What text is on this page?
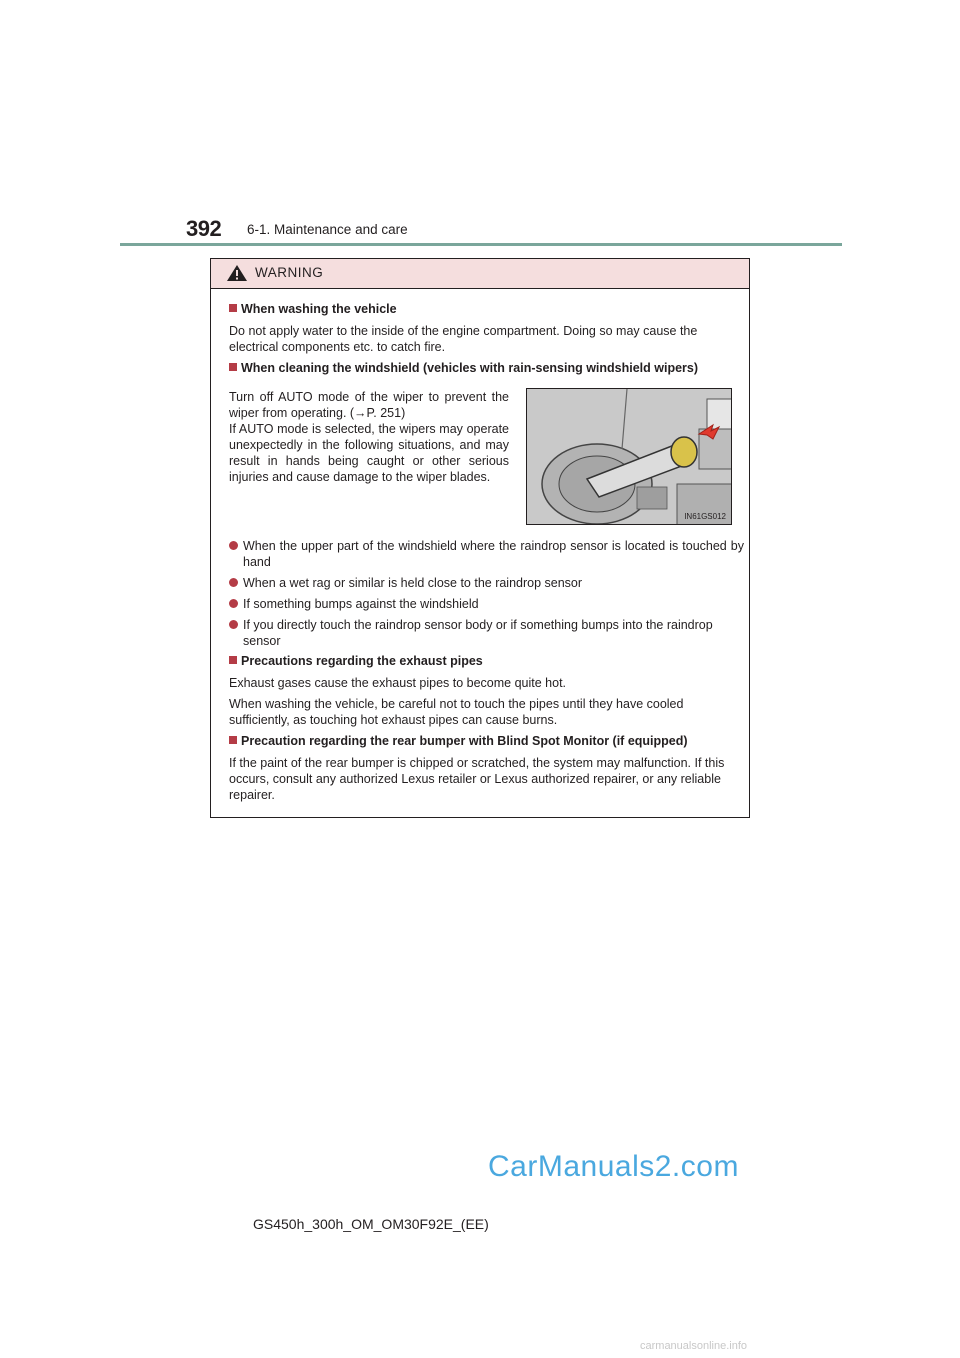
392 6-1. Maintenance and care
WARNING
When washing the vehicle
Do not apply water to the inside of the engine compartment. Doing so may cause the electrical components etc. to catch fire.
When cleaning the windshield (vehicles with rain-sensing windshield wipers)
Turn off AUTO mode of the wiper to prevent the wiper from operating. (→P. 251)
If AUTO mode is selected, the wipers may operate unexpectedly in the following situations, and may result in hands being caught or other serious injuries and cause damage to the wiper blades.
IN61GS012
When the upper part of the windshield where the raindrop sensor is located is touched by hand
When a wet rag or similar is held close to the raindrop sensor
If something bumps against the windshield
If you directly touch the raindrop sensor body or if something bumps into the raindrop sensor
Precautions regarding the exhaust pipes
Exhaust gases cause the exhaust pipes to become quite hot.
When washing the vehicle, be careful not to touch the pipes until they have cooled sufficiently, as touching hot exhaust pipes can cause burns.
Precaution regarding the rear bumper with Blind Spot Monitor (if equipped)
If the paint of the rear bumper is chipped or scratched, the system may malfunction. If this occurs, consult any authorized Lexus retailer or Lexus authorized repairer, or any reliable repairer.
CarManuals2.com
GS450h_300h_OM_OM30F92E_(EE)
carmanualsonline.info
